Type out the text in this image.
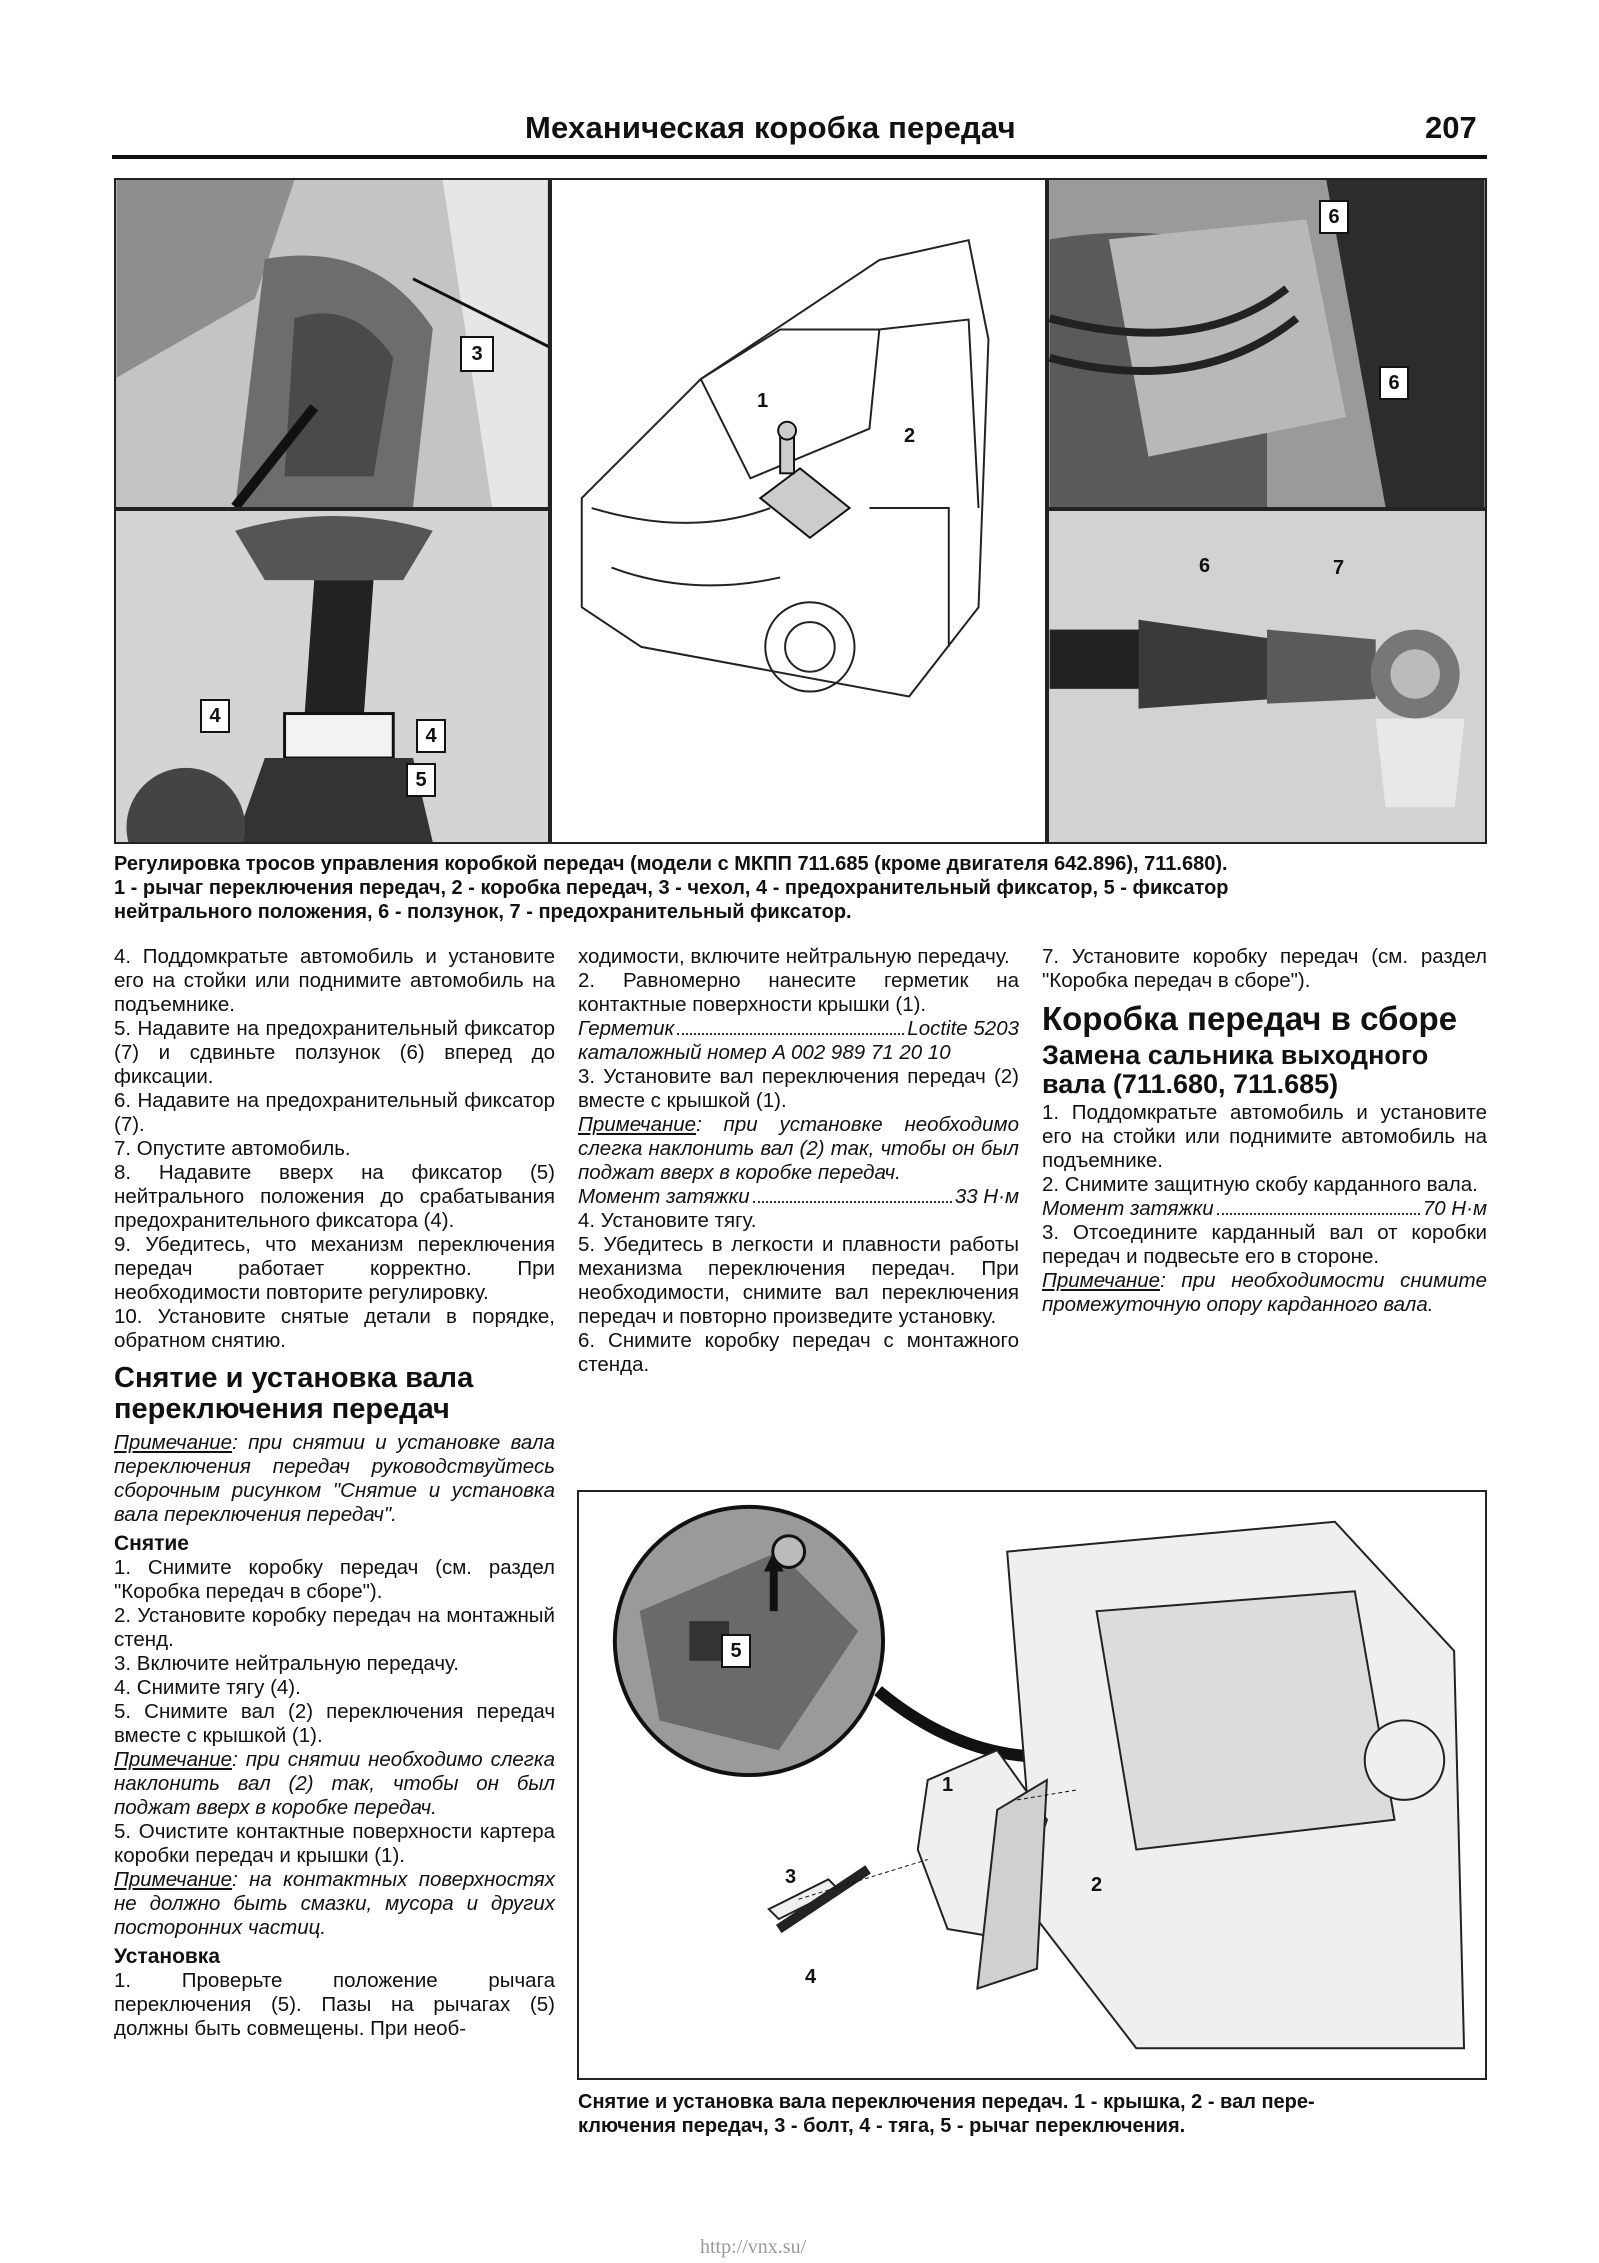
Механическая коробка передач	207
3
4
4
5
1
2
6
6
6	7
Регулировка тросов управления коробкой передач (модели с МКПП 711.685 (кроме двигателя 642.896), 711.680).
1 - рычаг переключения передач, 2 - коробка передач, 3 - чехол, 4 - предохранительный фиксатор, 5 - фиксатор
нейтрального положения, 6 - ползунок, 7 - предохранительный фиксатор.

4. Поддомкратьте автомобиль и установите его на стойки или поднимите автомобиль на подъемнике.

5. Надавите на предохранительный фиксатор (7) и сдвиньте ползунок (6) вперед до фиксации.

6. Надавите на предохранительный фиксатор (7).

7. Опустите автомобиль.

8. Надавите вверх на фиксатор (5) нейтрального положения до срабатывания предохранительного фиксатора (4).

9. Убедитесь, что механизм переключения передач работает корректно. При необходимости повторите регулировку.

10. Установите снятые детали в порядке, обратном снятию.

Снятие и установка вала переключения передач

Примечание: при снятии и установке вала переключения передач руководствуйтесь сборочным рисунком "Снятие и установка вала переключения передач".

Снятие

1. Снимите коробку передач (см. раздел "Коробка передач в сборе").

2. Установите коробку передач на монтажный стенд.

3. Включите нейтральную передачу.

4. Снимите тягу (4).

5. Снимите вал (2) переключения передач вместе с крышкой (1).

Примечание: при снятии необходимо слегка наклонить вал (2) так, чтобы он был поджат вверх в коробке передач.

5. Очистите контактные поверхности картера коробки передач и крышки (1).

Примечание: на контактных поверхностях не должно быть смазки, мусора и других посторонних частиц.

Установка

1. Проверьте положение рычага переключения (5). Пазы на рычагах (5) должны быть совмещены. При необ-

ходимости, включите нейтральную передачу.

2. Равномерно нанесите герметик на контактные поверхности крышки (1).

Герметик	Loctite 5203

каталожный номер A 002 989 71 20 10

3. Установите вал переключения передач (2) вместе с крышкой (1).

Примечание: при установке необходимо слегка наклонить вал (2) так, чтобы он был поджат вверх в коробке передач.

Момент затяжки	33 Н·м

4. Установите тягу.

5. Убедитесь в легкости и плавности работы механизма переключения передач. При необходимости, снимите вал переключения передач и повторно произведите установку.

6. Снимите коробку передач с монтажного стенда.

7. Установите коробку передач (см. раздел "Коробка передач в сборе").

Коробка передач в сборе
Замена сальника выходного вала (711.680, 711.685)

1. Поддомкратьте автомобиль и установите его на стойки или поднимите автомобиль на подъемнике.

2. Снимите защитную скобу карданного вала.

Момент затяжки	70 Н·м

3. Отсоедините карданный вал от коробки передач и подвесьте его в стороне.

Примечание: при необходимости снимите промежуточную опору карданного вала.

5
1
2
3
4
Снятие и установка вала переключения передач. 1 - крышка, 2 - вал пере-
ключения передач, 3 - болт, 4 - тяга, 5 - рычаг переключения.
http://vnx.su/
